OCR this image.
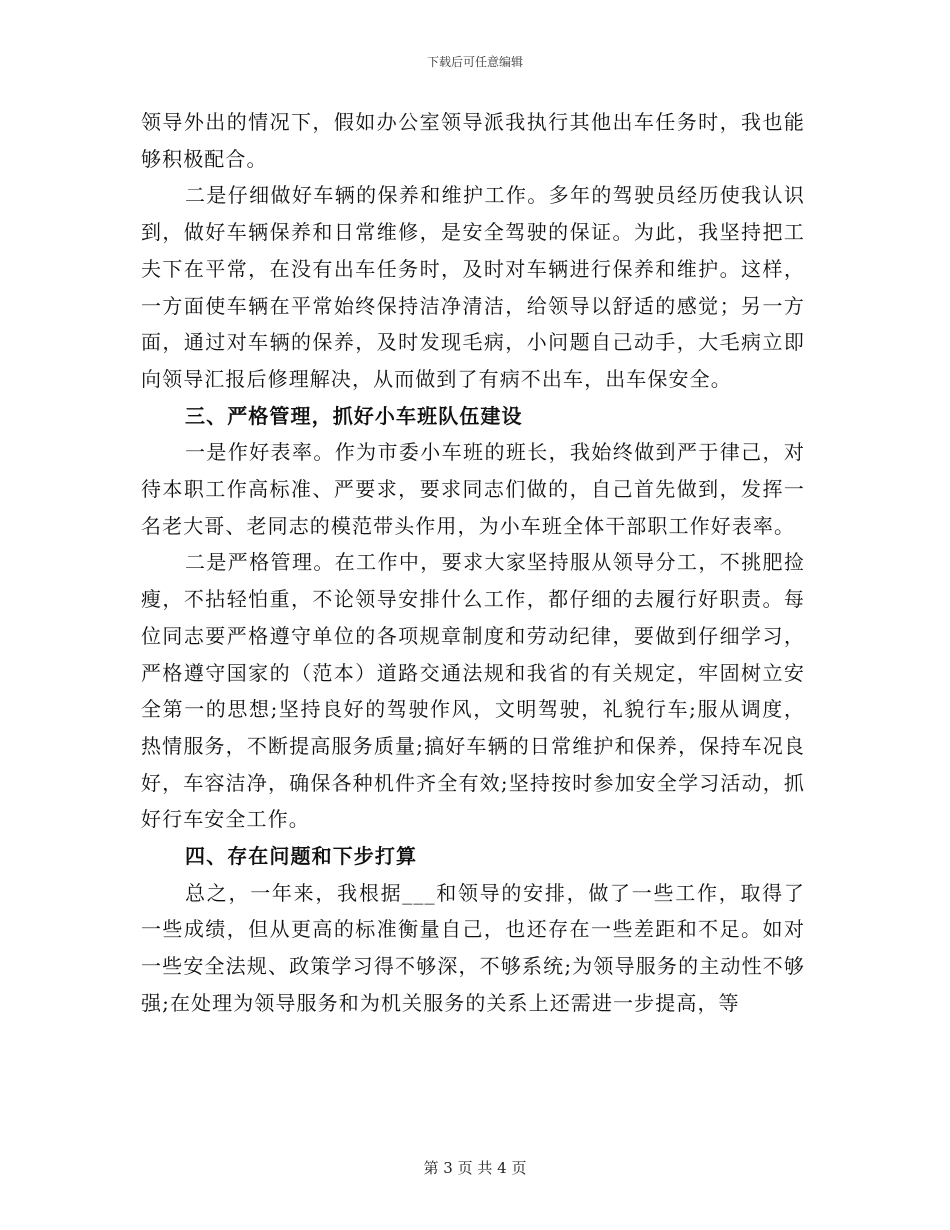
下载后可任意编辑

领导外出的情况下，假如办公室领导派我执行其他出车任务时，我也能够积极配合。

二是仔细做好车辆的保养和维护工作。多年的驾驶员经历使我认识到，做好车辆保养和日常维修，是安全驾驶的保证。为此，我坚持把工夫下在平常，在没有出车任务时，及时对车辆进行保养和维护。这样，一方面使车辆在平常始终保持洁净清洁，给领导以舒适的感觉；另一方面，通过对车辆的保养，及时发现毛病，小问题自己动手，大毛病立即向领导汇报后修理解决，从而做到了有病不出车，出车保安全。

三、严格管理，抓好小车班队伍建设

一是作好表率。作为市委小车班的班长，我始终做到严于律己，对待本职工作高标准、严要求，要求同志们做的，自己首先做到，发挥一名老大哥、老同志的模范带头作用，为小车班全体干部职工作好表率。

二是严格管理。在工作中，要求大家坚持服从领导分工，不挑肥捡瘦，不拈轻怕重，不论领导安排什么工作，都仔细的去履行好职责。每位同志要严格遵守单位的各项规章制度和劳动纪律，要做到仔细学习，严格遵守国家的（范本）道路交通法规和我省的有关规定，牢固树立安全第一的思想;坚持良好的驾驶作风，文明驾驶，礼貌行车;服从调度，热情服务，不断提高服务质量;搞好车辆的日常维护和保养，保持车况良好，车容洁净，确保各种机件齐全有效;坚持按时参加安全学习活动，抓好行车安全工作。

四、存在问题和下步打算

总之，一年来，我根据___和领导的安排，做了一些工作，取得了一些成绩，但从更高的标准衡量自己，也还存在一些差距和不足。如对一些安全法规、政策学习得不够深，不够系统;为领导服务的主动性不够强;在处理为领导服务和为机关服务的关系上还需进一步提高，等

第 3 页 共 4 页
